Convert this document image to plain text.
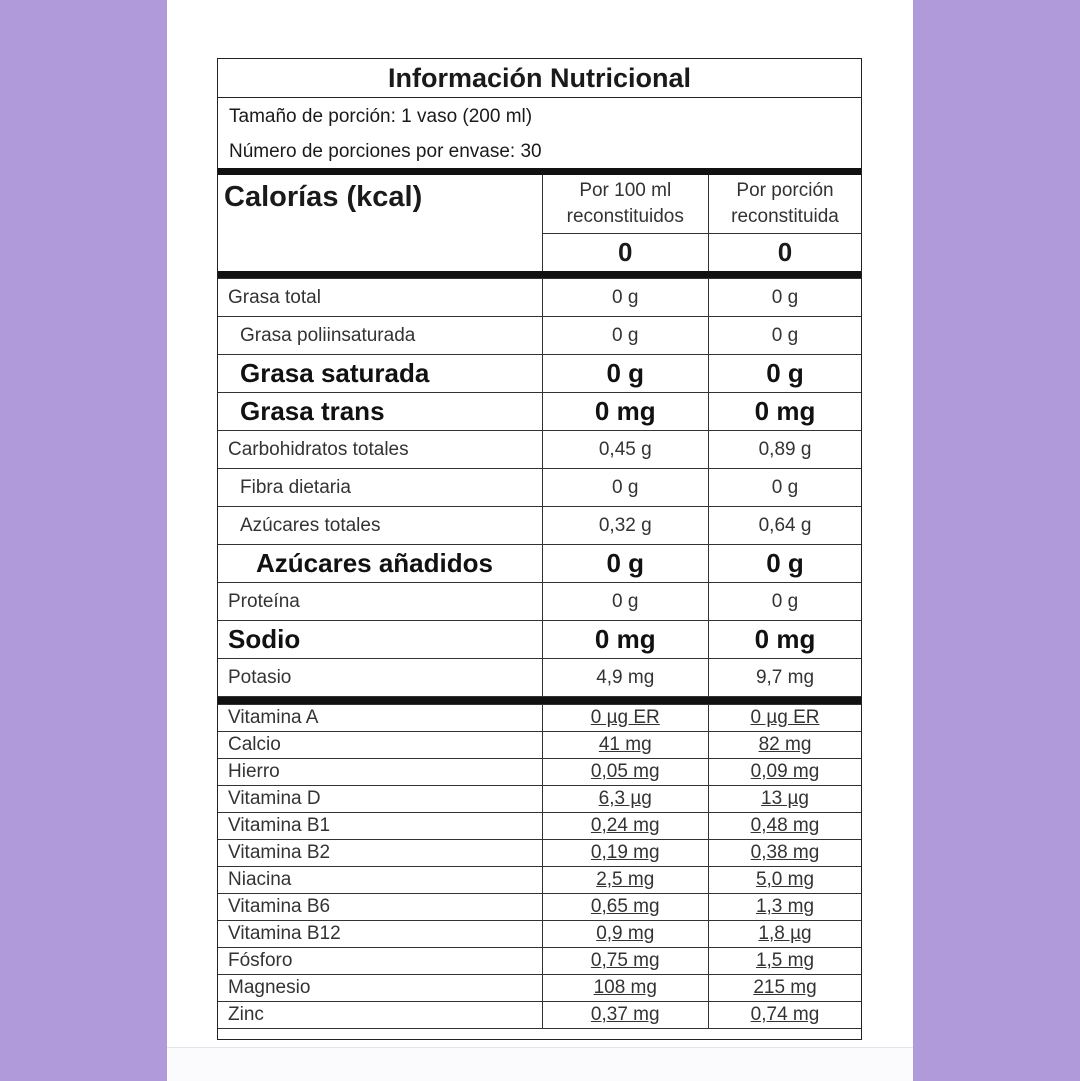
Información Nutricional
Tamaño de porción: 1 vaso (200 ml)
Número de porciones por envase: 30
Calorías (kcal)	Por 100 ml reconstituidos	Por porción reconstituida
	0	0
Grasa total	0 g	0 g
Grasa poliinsaturada	0 g	0 g
Grasa saturada	0 g	0 g
Grasa trans	0 mg	0 mg
Carbohidratos totales	0,45 g	0,89 g
Fibra dietaria	0 g	0 g
Azúcares totales	0,32 g	0,64 g
Azúcares añadidos	0 g	0 g
Proteína	0 g	0 g
Sodio	0 mg	0 mg
Potasio	4,9 mg	9,7 mg
Vitamina A	0 µg ER	0 µg ER
Calcio	41 mg	82 mg
Hierro	0,05 mg	0,09 mg
Vitamina D	6,3 µg	13 µg
Vitamina B1	0,24 mg	0,48 mg
Vitamina B2	0,19 mg	0,38 mg
Niacina	2,5 mg	5,0 mg
Vitamina B6	0,65 mg	1,3 mg
Vitamina B12	0,9 mg	1,8 µg
Fósforo	0,75 mg	1,5 mg
Magnesio	108 mg	215 mg
Zinc	0,37 mg	0,74 mg
